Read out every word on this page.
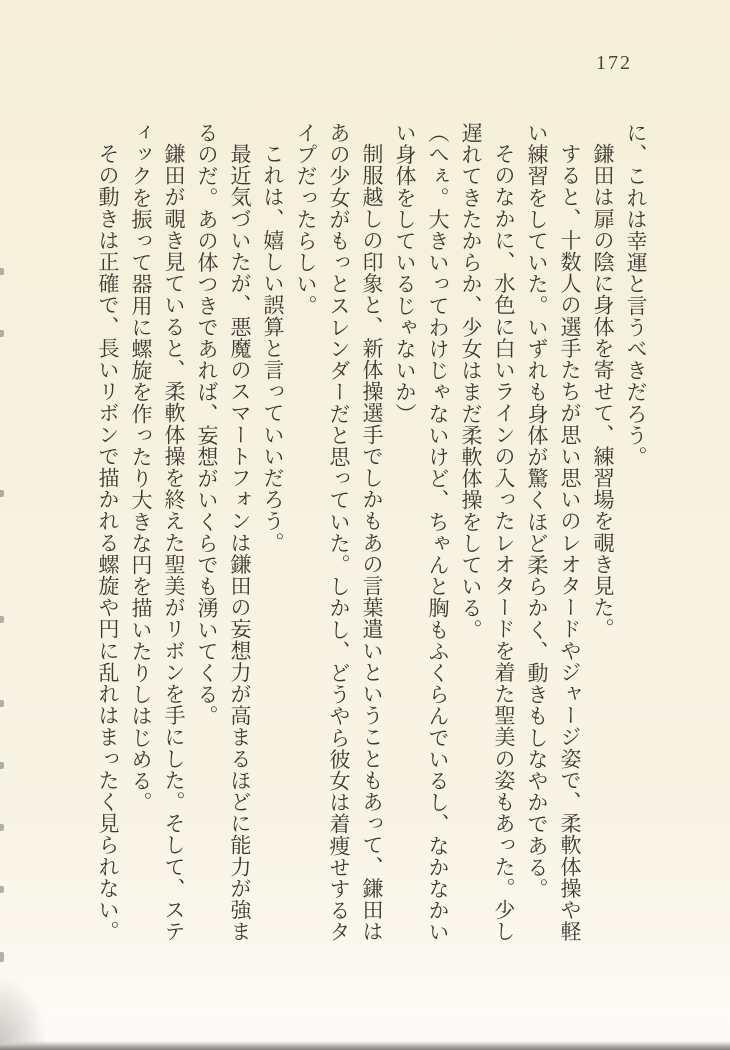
172

に、これは幸運と言うべきだろう。

鎌田は扉の陰に身体を寄せて、練習場を覗き見た。

すると、十数人の選手たちが思い思いのレオタードやジャージ姿で、柔軟体操や軽い練習をしていた。いずれも身体が驚くほど柔らかく、動きもしなやかである。

そのなかに、水色に白いラインの入ったレオタードを着た聖美の姿もあった。少し遅れてきたからか、少女はまだ柔軟体操をしている。

（へぇ。大きいってわけじゃないけど、ちゃんと胸もふくらんでいるし、なかなかいい身体をしているじゃないか）

制服越しの印象と、新体操選手でしかもあの言葉遣いということもあって、鎌田はあの少女がもっとスレンダーだと思っていた。しかし、どうやら彼女は着痩せするタイプだったらしい。

これは、嬉しい誤算と言っていいだろう。

最近気づいたが、悪魔のスマートフォンは鎌田の妄想力が高まるほどに能力が強まるのだ。あの体つきであれば、妄想がいくらでも湧いてくる。

鎌田が覗き見ていると、柔軟体操を終えた聖美がリボンを手にした。そして、スティックを振って器用に螺旋を作ったり大きな円を描いたりしはじめる。

その動きは正確で、長いリボンで描かれる螺旋や円に乱れはまったく見られない。
